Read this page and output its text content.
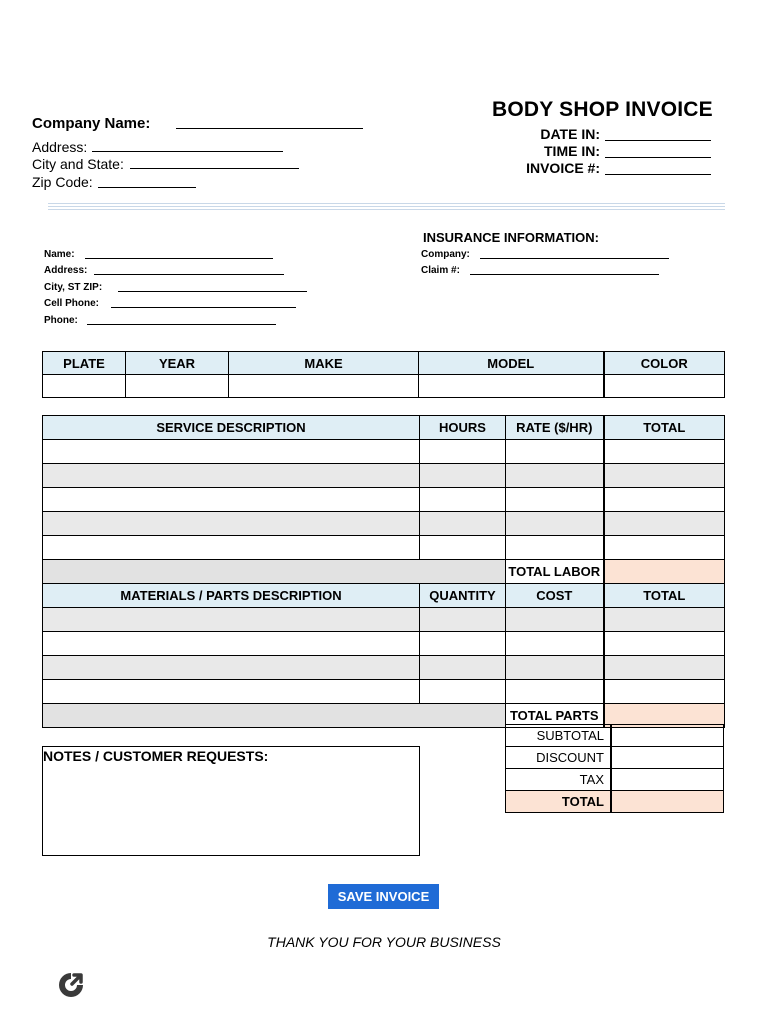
BODY SHOP INVOICE
DATE IN:
TIME IN:
INVOICE #:
Company Name:
Address:
City and State:
Zip Code:
Name:
Address:
City, ST ZIP:
Cell Phone:
Phone:
INSURANCE INFORMATION:
Company:
Claim #:
PLATE	YEAR	MAKE	MODEL	COLOR

SERVICE DESCRIPTION	HOURS	RATE ($/HR)	TOTAL

		TOTAL LABOR	
MATERIALS / PARTS DESCRIPTION	QUANTITY	COST	TOTAL

		TOTAL PARTS	
SUBTOTAL	
DISCOUNT	
TAX	
TOTAL	
NOTES / CUSTOMER REQUESTS:
SAVE INVOICE
THANK YOU FOR YOUR BUSINESS
